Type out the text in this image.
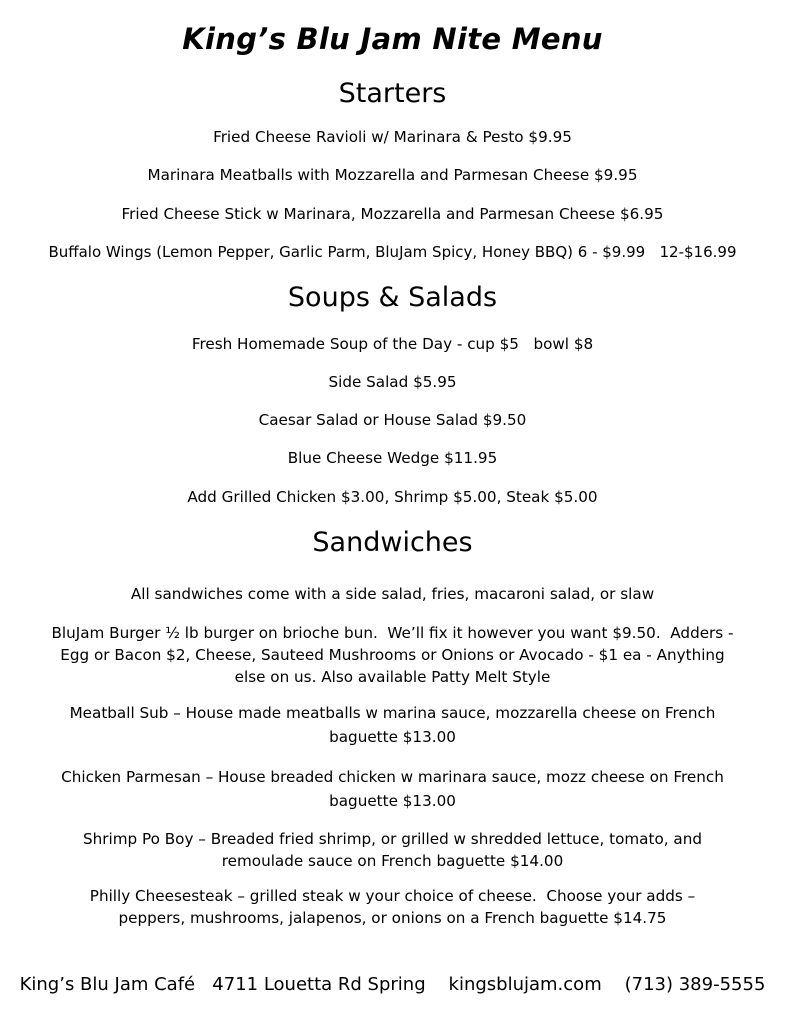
King’s Blu Jam Nite Menu
Starters
Fried Cheese Ravioli w/ Marinara & Pesto $9.95
Marinara Meatballs with Mozzarella and Parmesan Cheese $9.95
Fried Cheese Stick w Marinara, Mozzarella and Parmesan Cheese $6.95
Buffalo Wings (Lemon Pepper, Garlic Parm, BluJam Spicy, Honey BBQ) 6 - $9.99   12-$16.99
Soups & Salads
Fresh Homemade Soup of the Day - cup $5   bowl $8
Side Salad $5.95
Caesar Salad or House Salad $9.50
Blue Cheese Wedge $11.95
Add Grilled Chicken $3.00, Shrimp $5.00, Steak $5.00
Sandwiches
All sandwiches come with a side salad, fries, macaroni salad, or slaw
BluJam Burger ½ lb burger on brioche bun.  We’ll fix it however you want $9.50.  Adders - Egg or Bacon $2, Cheese, Sauteed Mushrooms or Onions or Avocado - $1 ea - Anything else on us. Also available Patty Melt Style
Meatball Sub – House made meatballs w marina sauce, mozzarella cheese on French baguette $13.00
Chicken Parmesan – House breaded chicken w marinara sauce, mozz cheese on French baguette $13.00
Shrimp Po Boy – Breaded fried shrimp, or grilled w shredded lettuce, tomato, and remoulade sauce on French baguette $14.00
Philly Cheesesteak – grilled steak w your choice of cheese.  Choose your adds – peppers, mushrooms, jalapenos, or onions on a French baguette $14.75
King’s Blu Jam Café   4711 Louetta Rd Spring    kingsblujam.com    (713) 389-5555
